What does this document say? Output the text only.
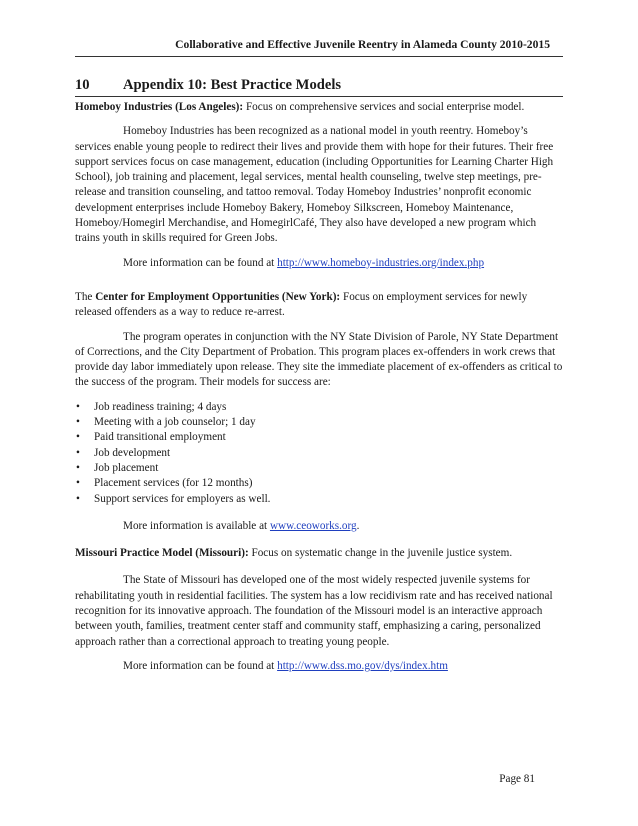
Collaborative and Effective Juvenile Reentry in Alameda County 2010-2015
10 Appendix 10: Best Practice Models

Homeboy Industries (Los Angeles): Focus on comprehensive services and social enterprise model.

Homeboy Industries has been recognized as a national model in youth reentry. Homeboy’s services enable young people to redirect their lives and provide them with hope for their futures. Their free support services focus on case management, education (including Opportunities for Learning Charter High School), job training and placement, legal services, mental health counseling, twelve step meetings, pre-release and transition counseling, and tattoo removal. Today Homeboy Industries’ nonprofit economic development enterprises include Homeboy Bakery, Homeboy Silkscreen, Homeboy Maintenance, Homeboy/Homegirl Merchandise, and HomegirlCafé, They also have developed a new program which trains youth in skills required for Green Jobs.

More information can be found at http://www.homeboy-industries.org/index.php

The Center for Employment Opportunities (New York): Focus on employment services for newly released offenders as a way to reduce re-arrest.

The program operates in conjunction with the NY State Division of Parole, NY State Department of Corrections, and the City Department of Probation. This program places ex-offenders in work crews that provide day labor immediately upon release. They site the immediate placement of ex-offenders as critical to the success of the program. Their models for success are:

• Job readiness training; 4 days
• Meeting with a job counselor; 1 day
• Paid transitional employment
• Job development
• Job placement
• Placement services (for 12 months)
• Support services for employers as well.

More information is available at www.ceoworks.org.

Missouri Practice Model (Missouri): Focus on systematic change in the juvenile justice system.

The State of Missouri has developed one of the most widely respected juvenile systems for rehabilitating youth in residential facilities. The system has a low recidivism rate and has received national recognition for its innovative approach. The foundation of the Missouri model is an interactive approach between youth, families, treatment center staff and community staff, emphasizing a caring, personalized approach rather than a correctional approach to treating young people.

More information can be found at http://www.dss.mo.gov/dys/index.htm

Page 81
